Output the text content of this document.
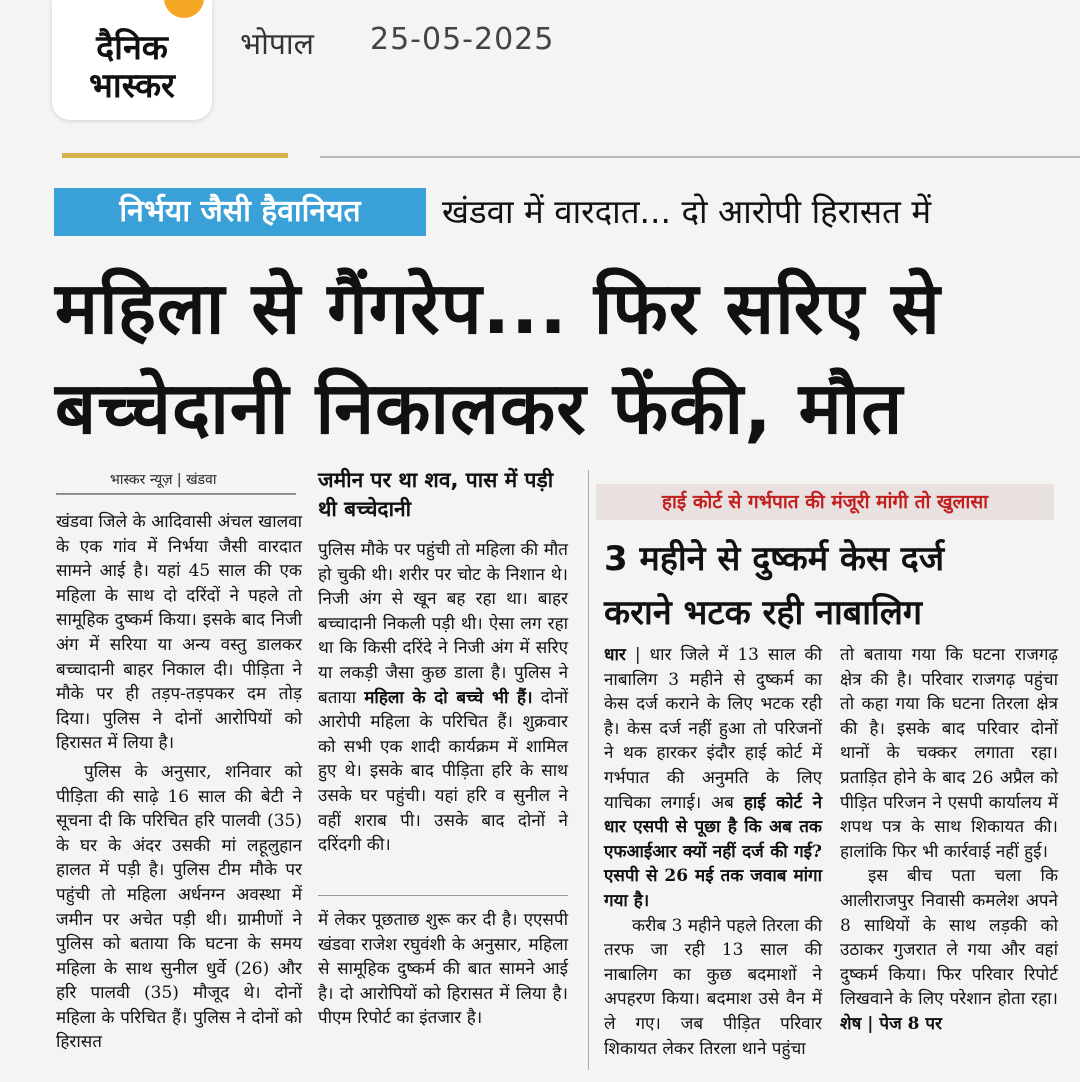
दैनिक
भास्कर
भोपाल 25-05-2025
निर्भया जैसी हैवानियत	खंडवा में वारदात... दो आरोपी हिरासत में
महिला से गैंगरेप... फिर सरिए से
बच्चेदानी निकालकर फेंकी, मौत
भास्कर न्यूज़ | खंडवा

खंडवा जिले के आदिवासी अंचल खालवा के एक गांव में निर्भया जैसी वारदात सामने आई है। यहां 45 साल की एक महिला के साथ दो दरिंदों ने पहले तो सामूहिक दुष्कर्म किया। इसके बाद निजी अंग में सरिया या अन्य वस्तु डालकर बच्चादानी बाहर निकाल दी। पीड़िता ने मौके पर ही तड़प-तड़पकर दम तोड़ दिया। पुलिस ने दोनों आरोपियों को हिरासत में लिया है।

पुलिस के अनुसार, शनिवार को पीड़िता की साढ़े 16 साल की बेटी ने सूचना दी कि परिचित हरि पालवी (35) के घर के अंदर उसकी मां लहूलुहान हालत में पड़ी है। पुलिस टीम मौके पर पहुंची तो महिला अर्धनग्न अवस्था में जमीन पर अचेत पड़ी थी। ग्रामीणों ने पुलिस को बताया कि घटना के समय महिला के साथ सुनील धुर्वे (26) और हरि पालवी (35) मौजूद थे। दोनों महिला के परिचित हैं। पुलिस ने दोनों को हिरासत

जमीन पर था शव, पास में पड़ी थी बच्चेदानी

पुलिस मौके पर पहुंची तो महिला की मौत हो चुकी थी। शरीर पर चोट के निशान थे। निजी अंग से खून बह रहा था। बाहर बच्चादानी निकली पड़ी थी। ऐसा लग रहा था कि किसी दरिंदे ने निजी अंग में सरिए या लकड़ी जैसा कुछ डाला है। पुलिस ने बताया महिला के दो बच्चे भी हैं। दोनों आरोपी महिला के परिचित हैं। शुक्रवार को सभी एक शादी कार्यक्रम में शामिल हुए थे। इसके बाद पीड़िता हरि के साथ उसके घर पहुंची। यहां हरि व सुनील ने वहीं शराब पी। उसके बाद दोनों ने दरिंदगी की।

में लेकर पूछताछ शुरू कर दी है। एएसपी खंडवा राजेश रघुवंशी के अनुसार, महिला से सामूहिक दुष्कर्म की बात सामने आई है। दो आरोपियों को हिरासत में लिया है। पीएम रिपोर्ट का इंतजार है।

हाई कोर्ट से गर्भपात की मंजूरी मांगी तो खुलासा
3 महीने से दुष्कर्म केस दर्ज
कराने भटक रही नाबालिग

धार | धार जिले में 13 साल की नाबालिग 3 महीने से दुष्कर्म का केस दर्ज कराने के लिए भटक रही है। केस दर्ज नहीं हुआ तो परिजनों ने थक हारकर इंदौर हाई कोर्ट में गर्भपात की अनुमति के लिए याचिका लगाई। अब हाई कोर्ट ने धार एसपी से पूछा है कि अब तक एफआईआर क्यों नहीं दर्ज की गई? एसपी से 26 मई तक जवाब मांगा गया है।

करीब 3 महीने पहले तिरला की तरफ जा रही 13 साल की नाबालिग का कुछ बदमाशों ने अपहरण किया। बदमाश उसे वैन में ले गए। जब पीड़ित परिवार शिकायत लेकर तिरला थाने पहुंचा

तो बताया गया कि घटना राजगढ़ क्षेत्र की है। परिवार राजगढ़ पहुंचा तो कहा गया कि घटना तिरला क्षेत्र की है। इसके बाद परिवार दोनों थानों के चक्कर लगाता रहा। प्रताड़ित होने के बाद 26 अप्रैल को पीड़ित परिजन ने एसपी कार्यालय में शपथ पत्र के साथ शिकायत की। हालांकि फिर भी कार्रवाई नहीं हुई।

इस बीच पता चला कि आलीराजपुर निवासी कमलेश अपने 8 साथियों के साथ लड़की को उठाकर गुजरात ले गया और वहां दुष्कर्म किया। फिर परिवार रिपोर्ट लिखवाने के लिए परेशान होता रहा। शेष | पेज 8 पर
